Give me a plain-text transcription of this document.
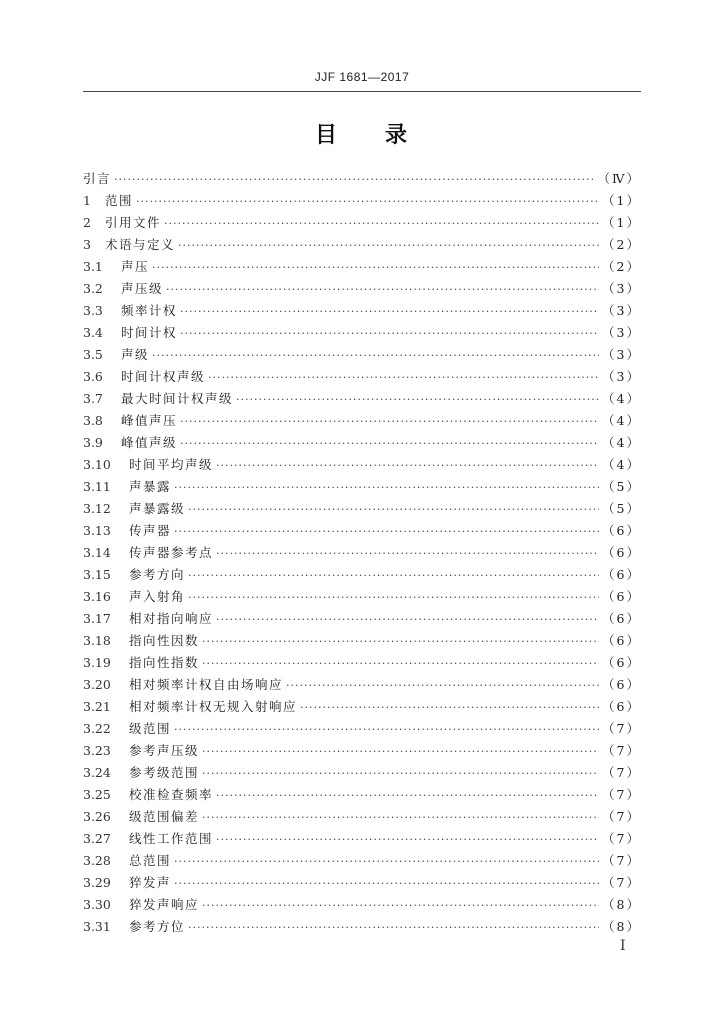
JJF 1681—2017
目 录
引言 ·····	（Ⅳ）
1	范围 ·····	（1）
2	引用文件 ·····	（1）
3	术语与定义 ·····	（2）
3.1	声压 ·····	（2）
3.2	声压级 ·····	（3）
3.3	频率计权 ·····	（3）
3.4	时间计权 ·····	（3）
3.5	声级 ·····	（3）
3.6	时间计权声级 ·····	（3）
3.7	最大时间计权声级 ·····	（4）
3.8	峰值声压 ·····	（4）
3.9	峰值声级 ·····	（4）
3.10	时间平均声级 ·····	（4）
3.11	声暴露 ·····	（5）
3.12	声暴露级 ·····	（5）
3.13	传声器 ·····	（6）
3.14	传声器参考点 ·····	（6）
3.15	参考方向 ·····	（6）
3.16	声入射角 ·····	（6）
3.17	相对指向响应 ·····	（6）
3.18	指向性因数 ·····	（6）
3.19	指向性指数 ·····	（6）
3.20	相对频率计权自由场响应 ·····	（6）
3.21	相对频率计权无规入射响应 ·····	（6）
3.22	级范围 ·····	（7）
3.23	参考声压级 ·····	（7）
3.24	参考级范围 ·····	（7）
3.25	校准检查频率 ·····	（7）
3.26	级范围偏差 ·····	（7）
3.27	线性工作范围 ·····	（7）
3.28	总范围 ·····	（7）
3.29	猝发声 ·····	（7）
3.30	猝发声响应 ·····	（8）
3.31	参考方位 ·····	（8）
I
